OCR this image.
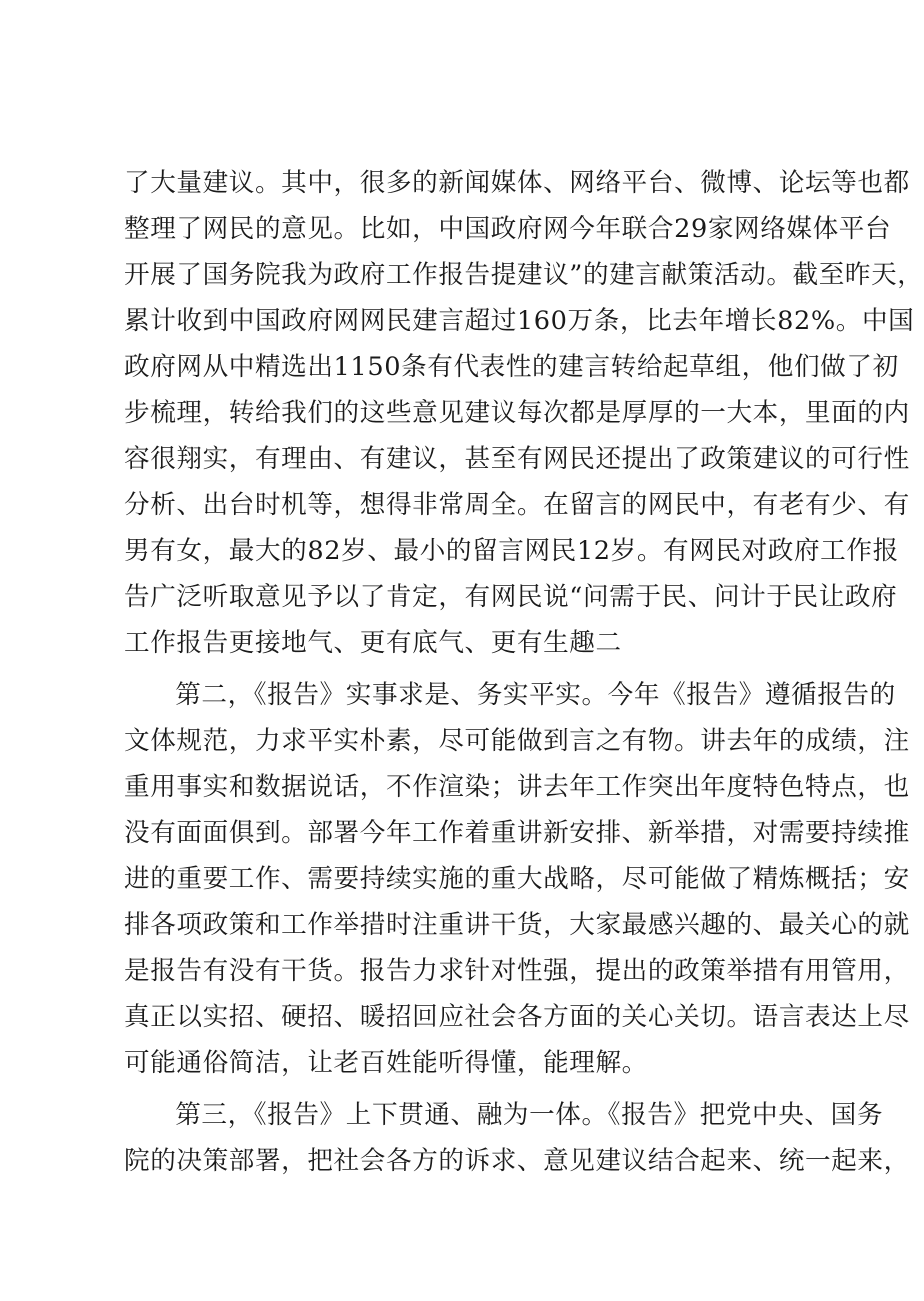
了大量建议。其中，很多的新闻媒体、网络平台、微博、论坛等也都
整理了网民的意见。比如，中国政府网今年联合29家网络媒体平台
开展了国务院我为政府工作报告提建议”的建言献策活动。截至昨天，
累计收到中国政府网网民建言超过160万条，比去年增长82%。中国
政府网从中精选出1150条有代表性的建言转给起草组，他们做了初
步梳理，转给我们的这些意见建议每次都是厚厚的一大本，里面的内
容很翔实，有理由、有建议，甚至有网民还提出了政策建议的可行性
分析、出台时机等，想得非常周全。在留言的网民中，有老有少、有
男有女，最大的82岁、最小的留言网民12岁。有网民对政府工作报
告广泛听取意见予以了肯定，有网民说“问需于民、问计于民让政府
工作报告更接地气、更有底气、更有生趣二

第二，《报告》实事求是、务实平实。今年《报告》遵循报告的
文体规范，力求平实朴素，尽可能做到言之有物。讲去年的成绩，注
重用事实和数据说话，不作渲染；讲去年工作突出年度特色特点，也
没有面面俱到。部署今年工作着重讲新安排、新举措，对需要持续推
进的重要工作、需要持续实施的重大战略，尽可能做了精炼概括；安
排各项政策和工作举措时注重讲干货，大家最感兴趣的、最关心的就
是报告有没有干货。报告力求针对性强，提出的政策举措有用管用，
真正以实招、硬招、暖招回应社会各方面的关心关切。语言表达上尽
可能通俗简洁，让老百姓能听得懂，能理解。

第三，《报告》上下贯通、融为一体。《报告》把党中央、国务
院的决策部署，把社会各方的诉求、意见建议结合起来、统一起来，
